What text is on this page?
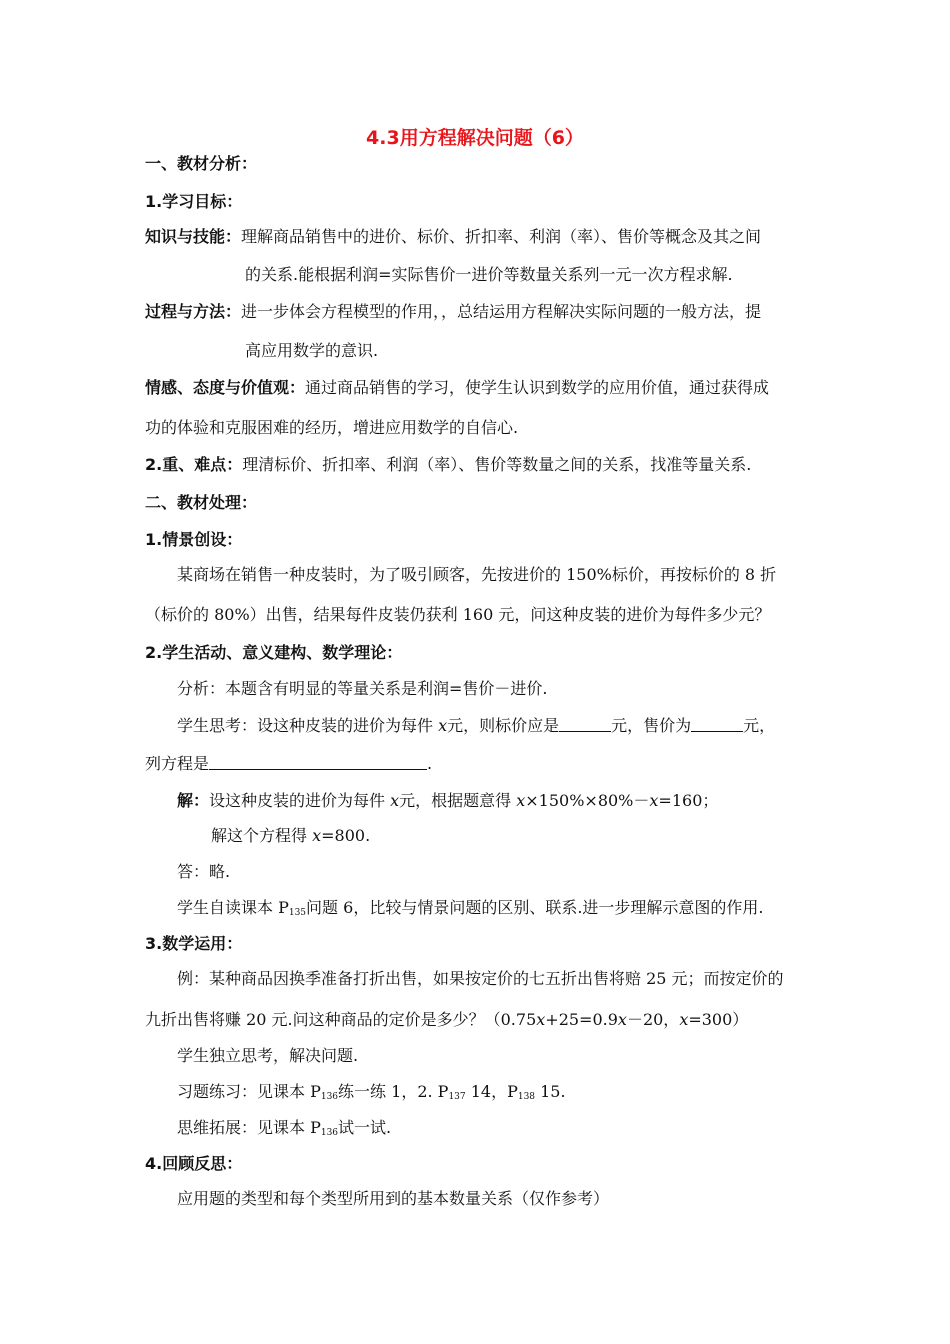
4.3用方程解决问题（6）
一、教材分析：
1.学习目标：
知识与技能：理解商品销售中的进价、标价、折扣率、利润（率）、售价等概念及其之间
的关系.能根据利润=实际售价一进价等数量关系列一元一次方程求解.
过程与方法：进一步体会方程模型的作用，，总结运用方程解决实际问题的一般方法，提
高应用数学的意识.
情感、态度与价值观：通过商品销售的学习，使学生认识到数学的应用价值，通过获得成
功的体验和克服困难的经历，增进应用数学的自信心.
2.重、难点：理清标价、折扣率、利润（率）、售价等数量之间的关系，找准等量关系.
二、教材处理：
1.情景创设：
某商场在销售一种皮装时，为了吸引顾客，先按进价的 150%标价，再按标价的 8 折
（标价的 80%）出售，结果每件皮装仍获利 160 元，问这种皮装的进价为每件多少元？
2.学生活动、意义建构、数学理论：
分析：本题含有明显的等量关系是利润=售价－进价.
学生思考：设这种皮装的进价为每件 x元，则标价应是	元，售价为	元，
列方程是	.
解：设这种皮装的进价为每件 x元，根据题意得 x×150%×80%－x=160；
解这个方程得 x=800.
答：略.
学生自读课本 $P_{135}$问题 6，比较与情景问题的区别、联系.进一步理解示意图的作用.
3.数学运用：
例：某种商品因换季准备打折出售，如果按定价的七五折出售将赔 25 元；而按定价的
九折出售将赚 20 元.问这种商品的定价是多少？（0.75x+25=0.9x－20，x=300）
学生独立思考，解决问题.
习题练习：见课本 $P_{136}$练一练 1，2. $P_{137}$ 14，$P_{138}$ 15.
思维拓展：见课本 $P_{136}$试一试.
4.回顾反思：
应用题的类型和每个类型所用到的基本数量关系（仅作参考）
